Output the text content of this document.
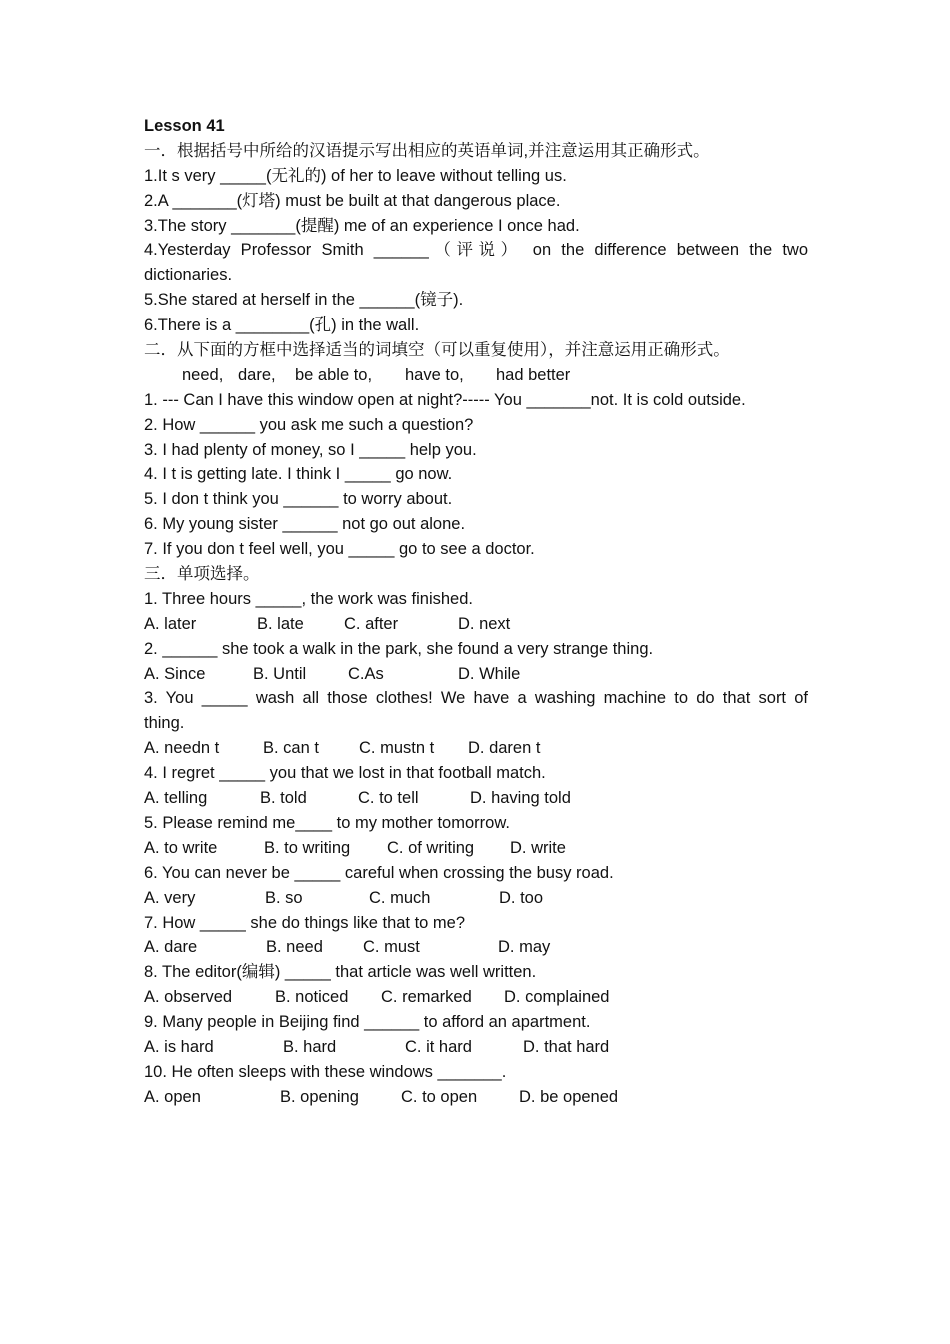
Lesson 41
一．根据括号中所给的汉语提示写出相应的英语单词,并注意运用其正确形式。
1.It s very _____(无礼的) of her to leave without telling us.
2.A _______(灯塔) must be built at that dangerous place.
3.The story _______(提醒) me of an experience I once had.
4.Yesterday Professor Smith ______（评说） on the difference between the two
dictionaries.
5.She stared at herself in the ______(镜子).
6.There is a ________(孔) in the wall.
二．从下面的方框中选择适当的词填空（可以重复使用），并注意运用正确形式。
need, dare,	be able to,	have to,	had better
1. --- Can I have this window open at night?----- You _______not. It is cold outside.
2. How ______ you ask me such a question?
3. I had plenty of money, so I _____ help you.
4. I t is getting late. I think I _____ go now.
5. I don t think you ______ to worry about.
6. My young sister ______ not go out alone.
7. If you don t feel well, you _____ go to see a doctor.
三．单项选择。
1. Three hours _____, the work was finished.
A. later	B. late	C. after	D. next
2. ______ she took a walk in the park, she found a very strange thing.
A. Since	B. Until	C.As	D. While
3. You _____ wash all those clothes! We have a washing machine to do that sort of
thing.
A. needn t	B. can t	C. mustn t	D. daren t
4. I regret _____ you that we lost in that football match.
A. telling	B. told	C. to tell	D. having told
5. Please remind me____ to my mother tomorrow.
A. to write	B. to writing	C. of writing	D. write
6. You can never be _____ careful when crossing the busy road.
A. very	B. so	C. much	D. too
7. How _____ she do things like that to me?
A. dare	B. need	C. must	D. may
8. The editor(编辑) _____ that article was well written.
A. observed	B. noticed	C. remarked	D. complained
9. Many people in Beijing find ______ to afford an apartment.
A. is hard	B. hard	C. it hard	D. that hard
10. He often sleeps with these windows _______.
A. open	B. opening	C. to open	D. be opened
